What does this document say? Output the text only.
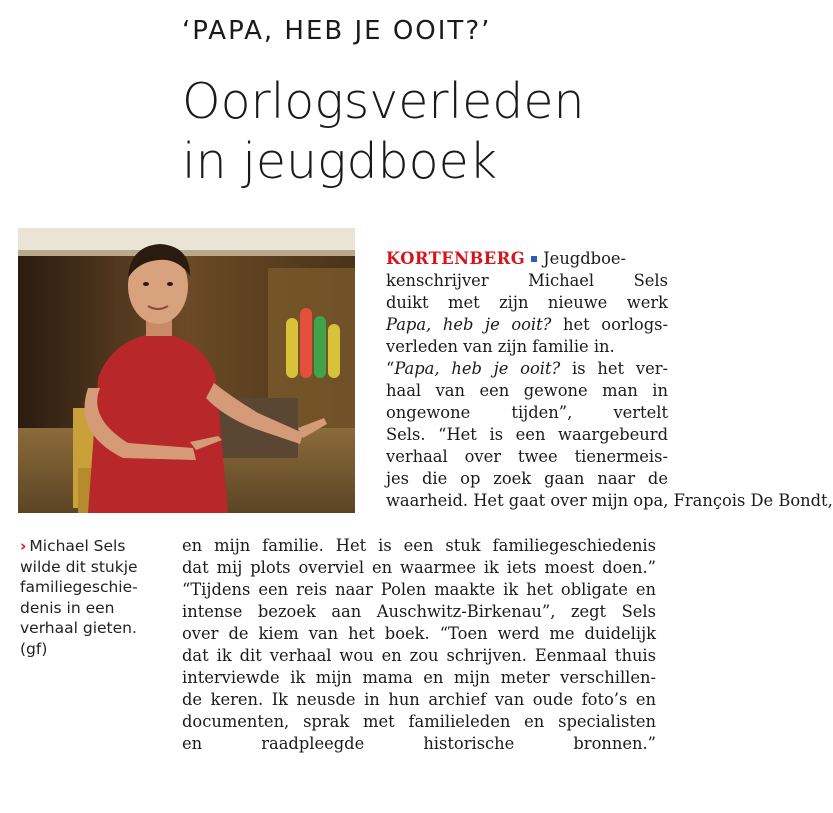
‘PAPA, HEB JE OOIT?’
Oorlogsverleden
in jeugdboek
› Michael Sels
wilde dit stukje
familiegeschie-
denis in een
verhaal gieten.
(gf)
KORTENBERG Jeugdboe-
kenschrijver Michael Sels
duikt met zijn nieuwe werk
Papa, heb je ooit? het oorlogs-
verleden van zijn familie in.
“Papa, heb je ooit? is het ver-
haal van een gewone man in
ongewone tijden”, vertelt
Sels. “Het is een waargebeurd
verhaal over twee tienermeis-
jes die op zoek gaan naar de
waarheid. Het gaat over mijn opa, François De Bondt,
en mijn familie. Het is een stuk familiegeschiedenis
dat mij plots overviel en waarmee ik iets moest doen.”
“Tijdens een reis naar Polen maakte ik het obligate en
intense bezoek aan Auschwitz-Birkenau”, zegt Sels
over de kiem van het boek. “Toen werd me duidelijk
dat ik dit verhaal wou en zou schrijven. Eenmaal thuis
interviewde ik mijn mama en mijn meter verschillen-
de keren. Ik neusde in hun archief van oude foto’s en
documenten, sprak met familieleden en specialisten
en raadpleegde historische bronnen.”
